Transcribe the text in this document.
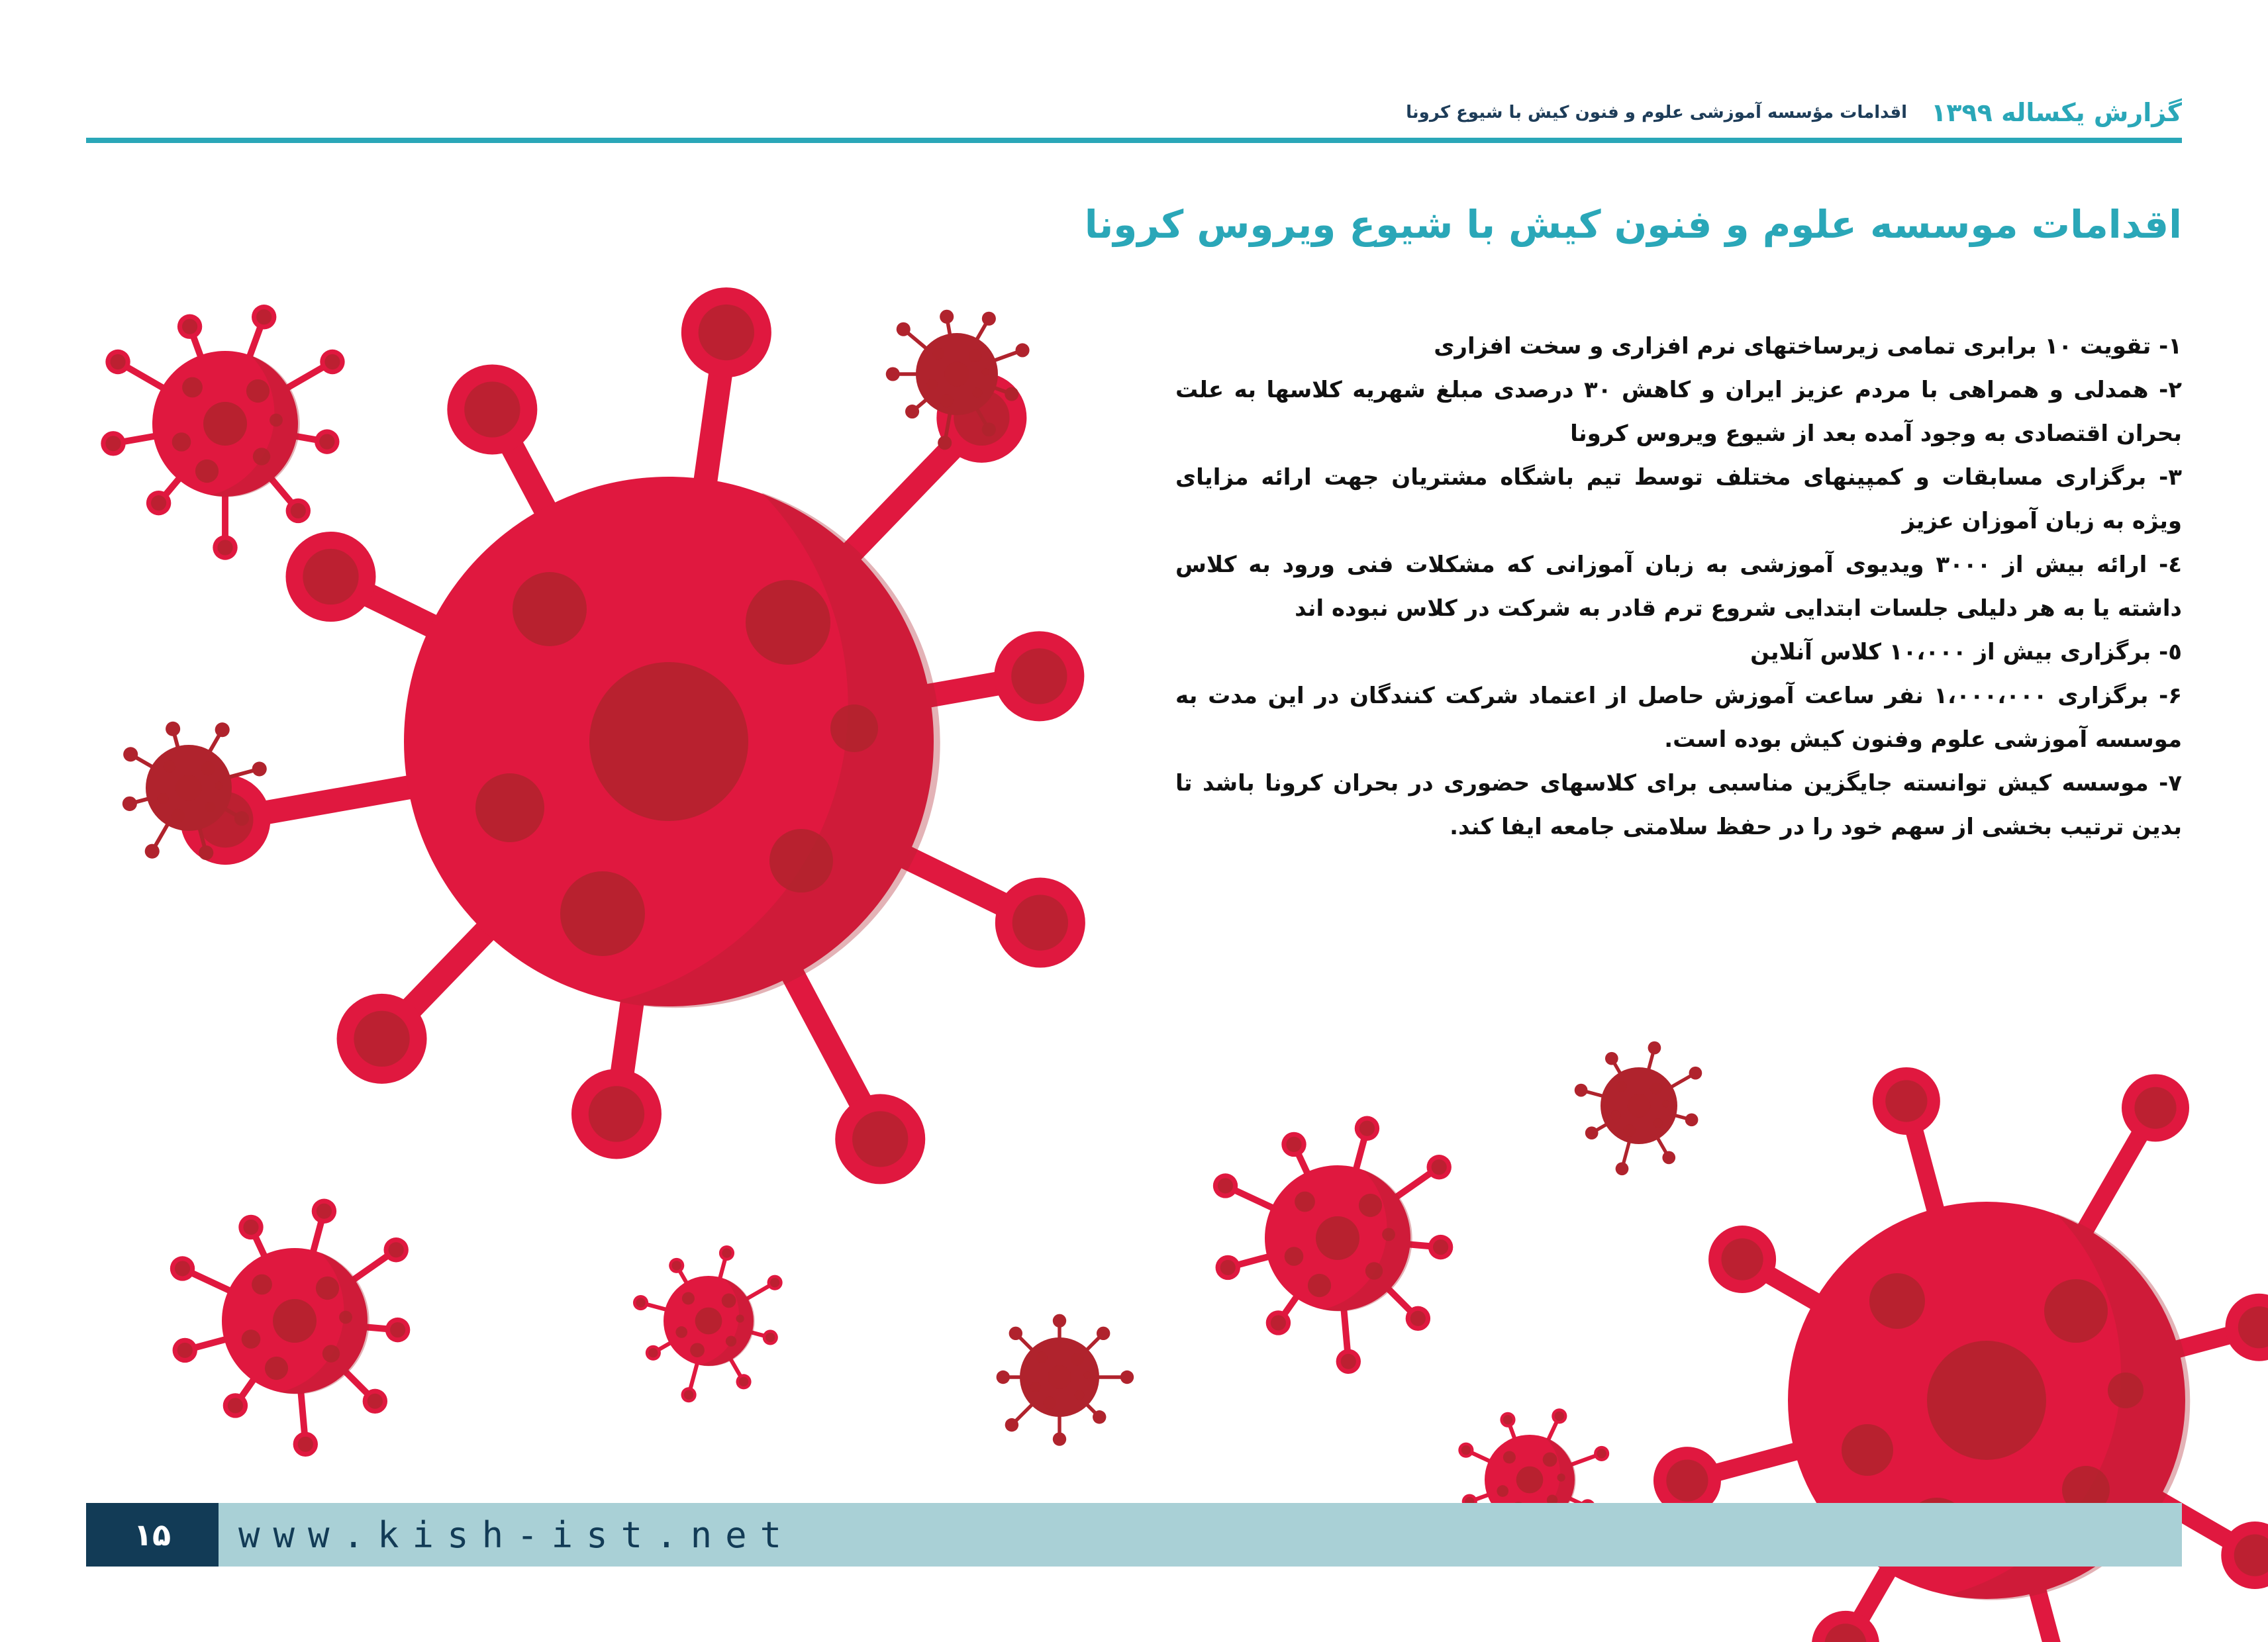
گزارش یکساله ۱۳۹۹
اقدامات مؤسسه آموزشی علوم و فنون کیش با شیوع کرونا
اقدامات موسسه علوم و فنون کیش با شیوع ویروس کرونا
١- تقویت ١٠ برابری تمامی زیرساختهای نرم افزاری و سخت افزاری
٢- همدلی و همراهی با مردم عزیز ایران و کاهش ٣٠ درصدی مبلغ شهریه کلاسها به علت بحران اقتصادی به وجود آمده بعد از شیوع ویروس کرونا
٣- برگزاری مسابقات و کمپینهای مختلف توسط تیم باشگاه مشتریان جهت ارائه مزایای ویژه به زبان آموزان عزیز
٤- ارائه بیش از ٣٠٠٠ ویدیوی آموزشی به زبان آموزانی که مشکلات فنی ورود به کلاس داشته یا به هر دلیلی جلسات ابتدایی شروع ترم قادر به شرکت در کلاس نبوده اند
٥- برگزاری بیش از ١٠،٠٠٠ کلاس آنلاین
۶- برگزاری ١،٠٠٠،٠٠٠ نفر ساعت آموزش حاصل از اعتماد شرکت کنندگان در این مدت به موسسه آموزشی علوم وفنون کیش بوده است.
٧- موسسه کیش توانسته جایگزین مناسبی برای کلاسهای حضوری در بحران کرونا باشد تا بدین ترتیب بخشی از سهم خود را در حفظ سلامتی جامعه ایفا کند.
۱۵	www.kish-ist.net
